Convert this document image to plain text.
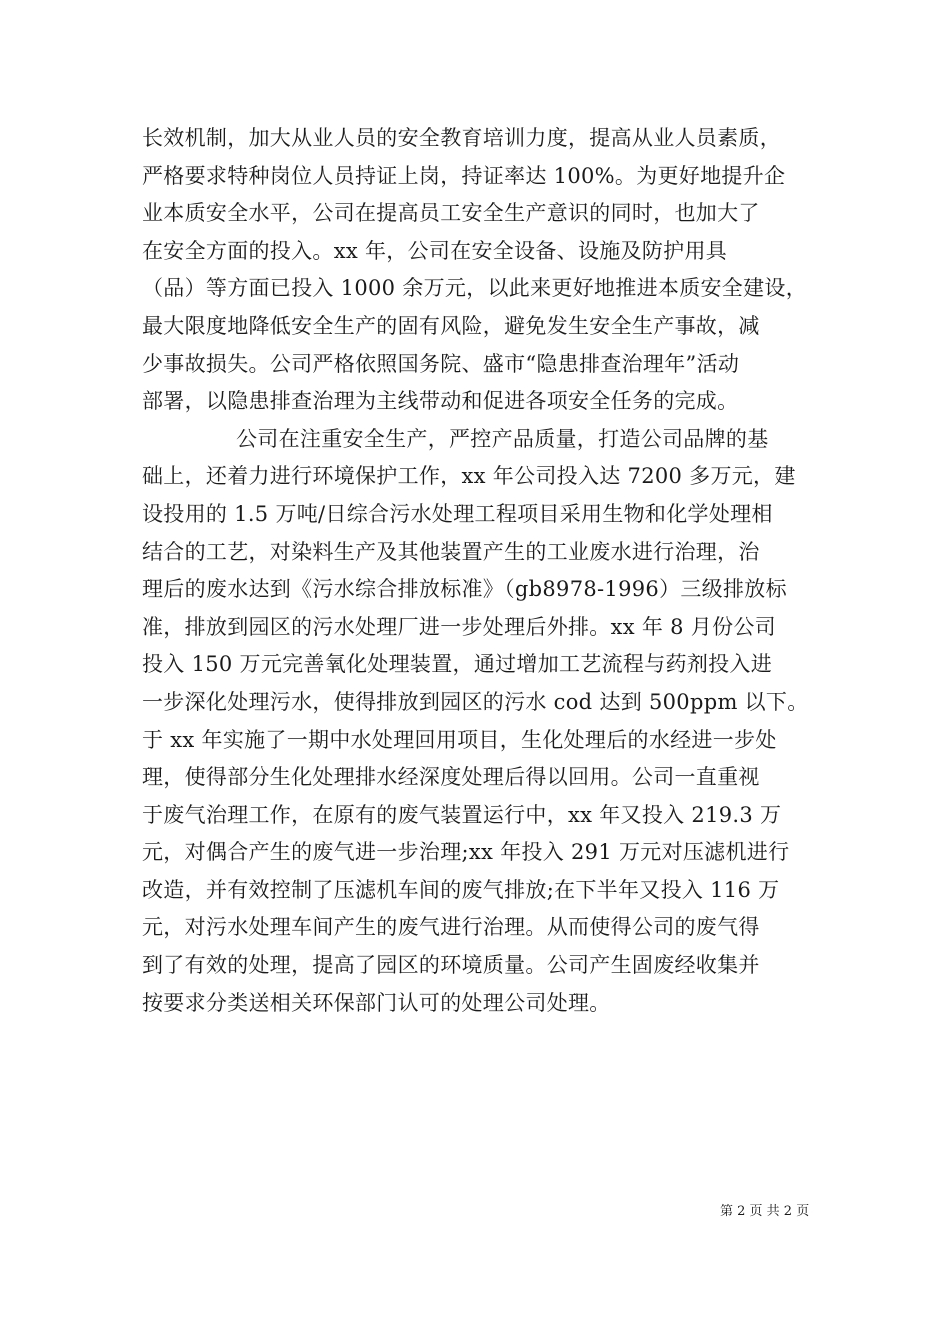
长效机制，加大从业人员的安全教育培训力度，提高从业人员素质，
严格要求特种岗位人员持证上岗，持证率达 100%。为更好地提升企
业本质安全水平，公司在提高员工安全生产意识的同时，也加大了
在安全方面的投入。xx 年，公司在安全设备、设施及防护用具
（品）等方面已投入 1000 余万元，以此来更好地推进本质安全建设，
最大限度地降低安全生产的固有风险，避免发生安全生产事故，减
少事故损失。公司严格依照国务院、盛市“隐患排查治理年”活动
部署，以隐患排查治理为主线带动和促进各项安全任务的完成。
公司在注重安全生产，严控产品质量，打造公司品牌的基
础上，还着力进行环境保护工作，xx 年公司投入达 7200 多万元，建
设投用的 1.5 万吨/日综合污水处理工程项目采用生物和化学处理相
结合的工艺，对染料生产及其他装置产生的工业废水进行治理，治
理后的废水达到《污水综合排放标准》（gb8978-1996）三级排放标
准，排放到园区的污水处理厂进一步处理后外排。xx 年 8 月份公司
投入 150 万元完善氧化处理装置，通过增加工艺流程与药剂投入进
一步深化处理污水，使得排放到园区的污水 cod 达到 500ppm 以下。
于 xx 年实施了一期中水处理回用项目，生化处理后的水经进一步处
理，使得部分生化处理排水经深度处理后得以回用。公司一直重视
于废气治理工作，在原有的废气装置运行中，xx 年又投入 219.3 万
元，对偶合产生的废气进一步治理;xx 年投入 291 万元对压滤机进行
改造，并有效控制了压滤机车间的废气排放;在下半年又投入 116 万
元，对污水处理车间产生的废气进行治理。从而使得公司的废气得
到了有效的处理，提高了园区的环境质量。公司产生固废经收集并
按要求分类送相关环保部门认可的处理公司处理。
第 2 页 共 2 页
